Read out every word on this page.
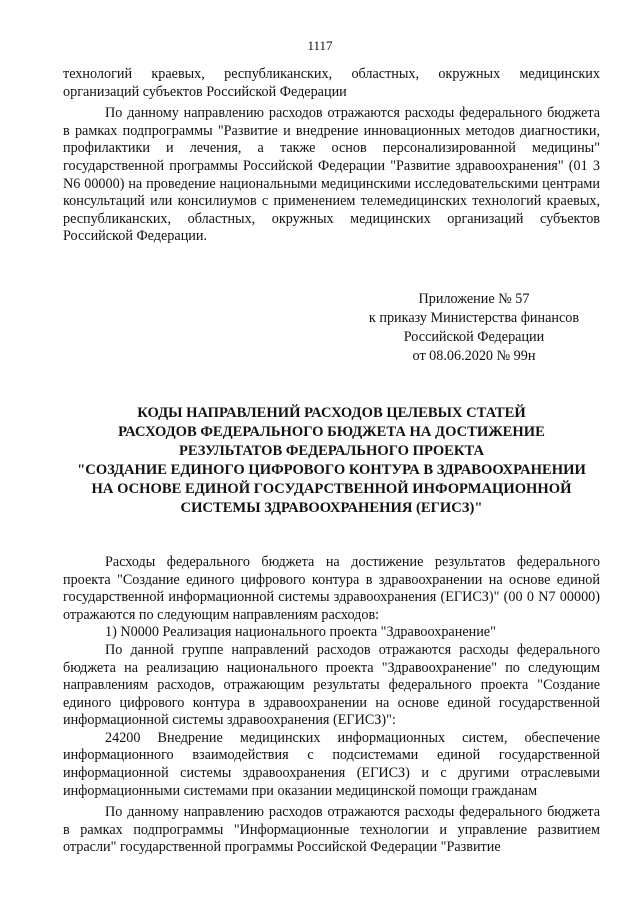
1117

технологий краевых, республиканских, областных, окружных медицинских организаций субъектов Российской Федерации

По данному направлению расходов отражаются расходы федерального бюджета в рамках подпрограммы "Развитие и внедрение инновационных методов диагностики, профилактики и лечения, а также основ персонализированной медицины" государственной программы Российской Федерации "Развитие здравоохранения" (01 3 N6 00000) на проведение национальными медицинскими исследовательскими центрами консультаций или консилиумов с применением телемедицинских технологий краевых, республиканских, областных, окружных медицинских организаций субъектов Российской Федерации.

Приложение № 57
к приказу Министерства финансов
Российской Федерации
от 08.06.2020 № 99н
КОДЫ НАПРАВЛЕНИЙ РАСХОДОВ ЦЕЛЕВЫХ СТАТЕЙ
РАСХОДОВ ФЕДЕРАЛЬНОГО БЮДЖЕТА НА ДОСТИЖЕНИЕ
РЕЗУЛЬТАТОВ ФЕДЕРАЛЬНОГО ПРОЕКТА
"СОЗДАНИЕ ЕДИНОГО ЦИФРОВОГО КОНТУРА В ЗДРАВООХРАНЕНИИ
НА ОСНОВЕ ЕДИНОЙ ГОСУДАРСТВЕННОЙ ИНФОРМАЦИОННОЙ
СИСТЕМЫ ЗДРАВООХРАНЕНИЯ (ЕГИСЗ)"

Расходы федерального бюджета на достижение результатов федерального проекта "Создание единого цифрового контура в здравоохранении на основе единой государственной информационной системы здравоохранения (ЕГИСЗ)" (00 0 N7 00000) отражаются по следующим направлениям расходов:

1) N0000 Реализация национального проекта "Здравоохранение"

По данной группе направлений расходов отражаются расходы федерального бюджета на реализацию национального проекта "Здравоохранение" по следующим направлениям расходов, отражающим результаты федерального проекта "Создание единого цифрового контура в здравоохранении на основе единой государственной информационной системы здравоохранения (ЕГИСЗ)":

24200 Внедрение медицинских информационных систем, обеспечение информационного взаимодействия с подсистемами единой государственной информационной системы здравоохранения (ЕГИСЗ) и с другими отраслевыми информационными системами при оказании медицинской помощи гражданам

По данному направлению расходов отражаются расходы федерального бюджета в рамках подпрограммы "Информационные технологии и управление развитием отрасли" государственной программы Российской Федерации "Развитие
